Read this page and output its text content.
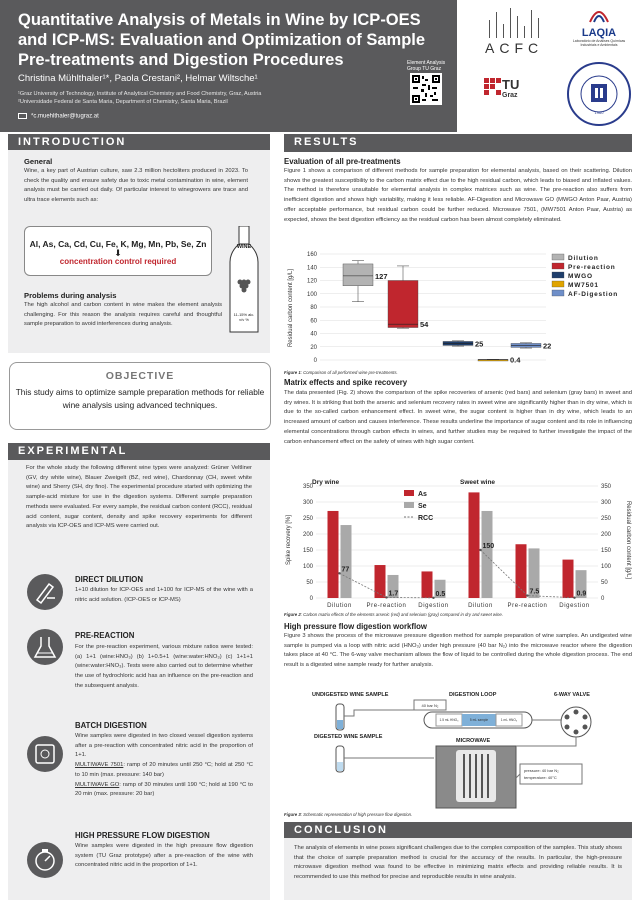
Quantitative Analysis of Metals in Wine by ICP-OES and ICP-MS: Evaluation and Optimization of Sample Pre-treatments and Digestion Procedures
Christina Mühlthaler¹*, Paola Crestani², Helmar Wiltsche¹
¹Graz University of Technology, Institute of Analytical Chemistry and Food Chemistry, Graz, Austria
²Universidade Federal de Santa Maria, Department of Chemistry, Santa Maria, Brazil
*c.muehlthaler@tugraz.at
Element Analysis Group TU Graz
ACFC
LAQIA
Laboratório de Análises Químicas Industriais e Ambientais
TU
Graz
1960
INTRODUCTION
General
Wine, a key part of Austrian culture, saw 2.3 million hectoliters produced in 2023. To check the quality and ensure safety due to toxic metal contamination in wine, element analysis must be carried out daily. Of particular interest to winegrowers are trace and ultra trace elements such as:
Al, As, Ca, Cd, Cu, Fe, K, Mg, Mn, Pb, Se, Zn
⬇
concentration control required
WINE
11-15% alc. v/v %
Problems during analysis
The high alcohol and carbon content in wine makes the element analysis challenging. For this reason the analysis requires careful and thoughtful sample preparation to avoid interferences during analysis.
OBJECTIVE
This study aims to optimize sample preparation methods for reliable wine analysis using advanced techniques.
EXPERIMENTAL
For the whole study the following different wine types were analyzed: Grüner Veltliner (GV, dry white wine), Blauer Zweigelt (BZ, red wine), Chardonnay (CH, sweet white wine) and Sherry (SH, dry fino). The experimental procedure started with optimizing the sample-acid mixture for use in the digestion systems. Different sample preparation methods were evaluated. For every sample, the residual carbon content (RCC), residual acid content, sugar content, density and spike recovery experiments for different analysis via ICP-OES and ICP-MS were carried out.
DIRECT DILUTION
1+10 dilution for ICP-OES and 1+100 for ICP-MS of the wine with a nitric acid solution. (ICP-OES or ICP-MS)
PRE-REACTION
For the pre-reaction experiment, various mixture ratios were tested: (a) 1+1 (wine:HNO₃) (b) 1+0.5+1 (wine:water:HNO₃) (c) 1+1+1 (wine:water:HNO₃). Tests were also carried out to determine whether the use of hydrochloric acid has an influence on the pre-reaction and the subsequent analysis.
BATCH DIGESTION
Wine samples were digested in two closed vessel digestion systems after a pre-reaction with concentrated nitric acid in the proportion of 1+1.
MULTIWAVE 7501: ramp of 20 minutes until 250 °C; hold at 250 °C to 10 min (max. pressure: 140 bar)
MULTIWAVE GO: ramp of 30 minutes until 190 °C; hold at 190 °C to 20 min (max. pressure: 20 bar)
HIGH PRESSURE FLOW DIGESTION
Wine samples were digested in the high pressure flow digestion system (TU Graz prototype) after a pre-reaction of the wine with concentrated nitric acid in the proportion of 1+1.
RESULTS
Evaluation of all pre-treatments
Figure 1 shows a comparison of different methods for sample preparation for elemental analysis, based on their scattering. Dilution shows the greatest susceptibility to the carbon matrix effect due to the high residual carbon, which leads to biased and inflated values. The method is therefore unsuitable for elemental analysis in complex matrices such as wine. The pre-reaction also suffers from inefficient digestion and shows high variability, making it less reliable. AF-Digestion and Microwave GO (MWGO Anton Paar, Austria) offer acceptable performance, but residual carbon could be further reduced. Microwave 7501, (MW7501 Anton Paar, Austria) as expected, shows the best digestion efficiency as the residual carbon has been almost completely eliminated.
0
20
40
60
80
100
120
140
160
127
54
25
0.4
22
Dilution
Pre-reaction
MWGO
MW7501
AF-Digestion
Residual carbon content [g/L]
Figure 1: Comparison of all performed wine pre-treatments.
Matrix effects and spike recovery
The data presented (Fig. 2) shows the comparison of the spike recoveries of arsenic (red bars) and selenium (gray bars) in sweet and dry wines. It is striking that both the arsenic and selenium recovery rates in sweet wine are significantly higher than in dry wine, which is due to the so-called carbon enhancement effect. In sweet wine, the sugar content is higher than in dry wine, which leads to an increased amount of carbon and causes interference. These results underline the importance of sugar content and its role in influencing elemental concentrations through carbon effects in wines, and further studies may be required to further investigate the impact of the carbon enhancement effect on the safety of wines with high sugar content.
0	0
50	50
100	100
150	150
200	200
250	250
300	300
350	350
Dilution Pre-reaction Digestion	Dilution Pre-reaction Digestion
77
1.7	0.5
150
7.5	0.9
As
Se
RCC
Spike recovery [%]	Residual carbon content [g/L]
Dry wine	Sweet wine
Figure 2: Carbon matrix effects of the elements arsenic (red) and selenium (gray) compared in dry and sweet wine.
High pressure flow digestion workflow
Figure 3 shows the process of the microwave pressure digestion method for sample preparation of wine samples. An undigested wine sample is pumped via a loop with nitric acid (HNO₃) under high pressure (40 bar N₂) into the microwave reactor where the digestion takes place at 40 °C. The 6-way valve mechanism allows the flow of liquid to be controlled during the whole digestion process. The end result is a digested wine sample ready for further analysis.
UNDIGESTED WINE SAMPLE	DIGESTION LOOP	6-WAY VALVE
40 bar N₂
1.5 mL HNO₃	5 mL sample	1 mL HNO₃
MICROWAVE
DIGESTED WINE SAMPLE
pressure: 40 bar N₂
temperature: 40°C
Figure 3: Schematic representation of high pressure flow digestion.
CONCLUSION
The analysis of elements in wine poses significant challenges due to the complex composition of the samples. This study shows that the choice of sample preparation method is crucial for the accuracy of the results. In particular, the high-pressure microwave digestion method was found to be effective in minimizing matrix effects and providing reliable results. It is recommended to use this method for precise and reproducible results in wine analysis.
